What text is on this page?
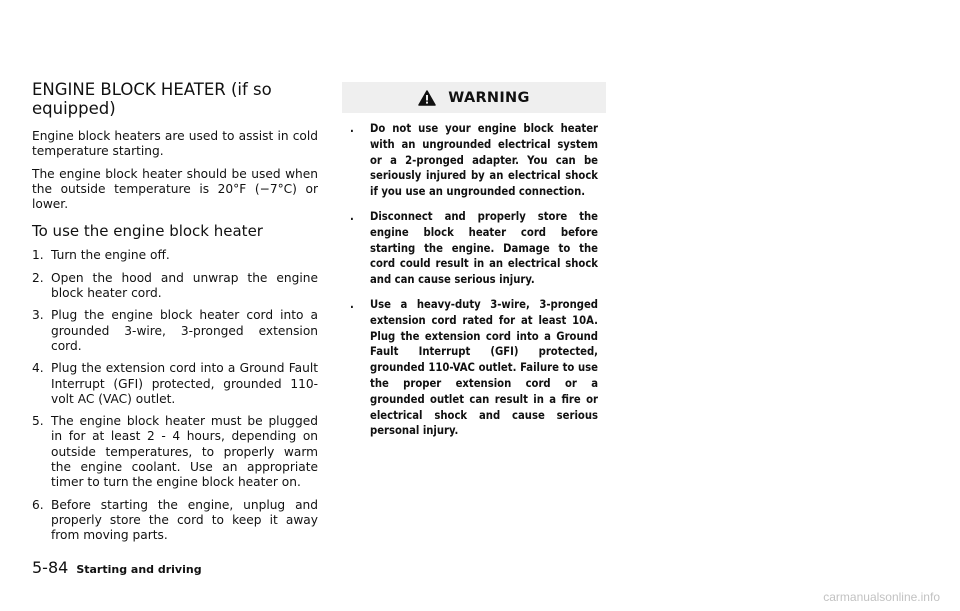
ENGINE BLOCK HEATER (if so equipped)

Engine block heaters are used to assist in cold temperature starting.

The engine block heater should be used when the outside temperature is 20°F (−7°C) or lower.

To use the engine block heater
1. Turn the engine off.
2. Open the hood and unwrap the engine block heater cord.
3. Plug the engine block heater cord into a grounded 3-wire, 3-pronged extension cord.
4. Plug the extension cord into a Ground Fault Interrupt (GFI) protected, grounded 110-volt AC (VAC) outlet.
5. The engine block heater must be plugged in for at least 2 - 4 hours, depending on outside temperatures, to properly warm the engine coolant. Use an appropriate timer to turn the engine block heater on.
6. Before starting the engine, unplug and properly store the cord to keep it away from moving parts.
WARNING
. Do not use your engine block heater with an ungrounded electrical system or a 2-pronged adapter. You can be seriously injured by an electrical shock if you use an ungrounded connection.
. Disconnect and properly store the engine block heater cord before starting the engine. Damage to the cord could result in an electrical shock and can cause serious injury.
. Use a heavy-duty 3-wire, 3-pronged extension cord rated for at least 10A. Plug the extension cord into a Ground Fault Interrupt (GFI) protected, grounded 110-VAC outlet. Failure to use the proper extension cord or a grounded outlet can result in a fire or electrical shock and cause serious personal injury.
5-84 Starting and driving
carmanualsonline.info
